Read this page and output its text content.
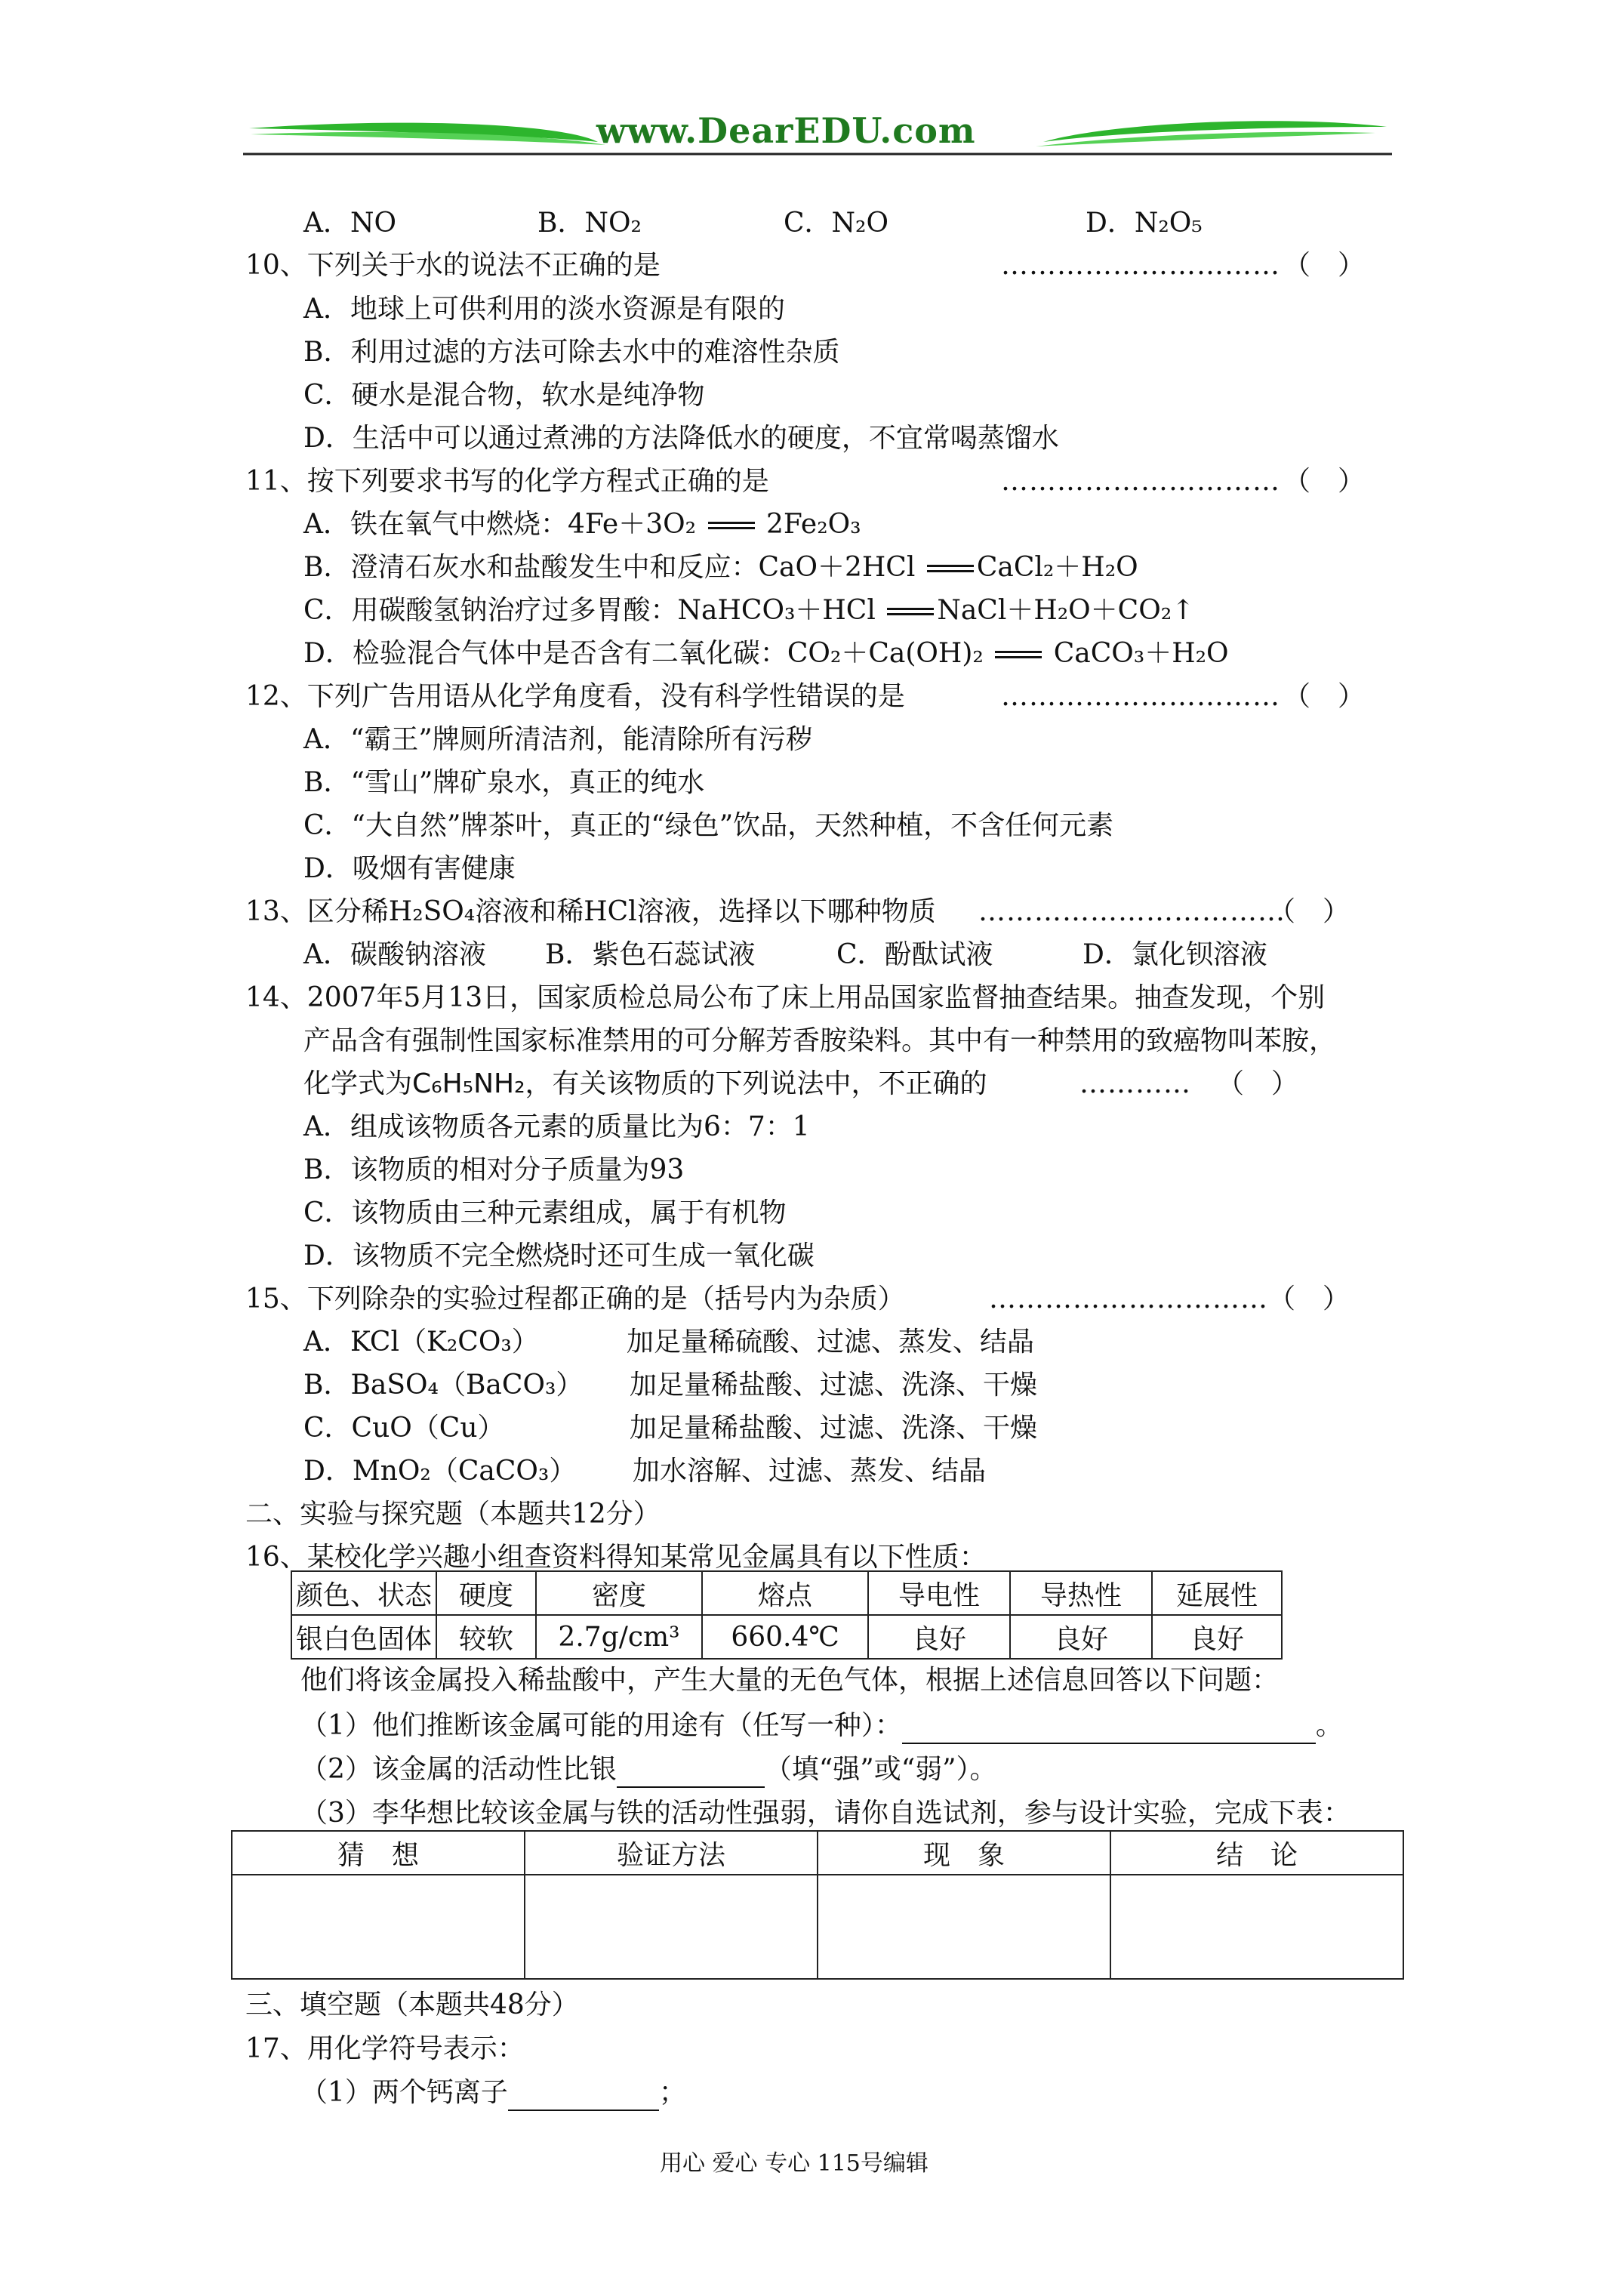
www.DearEDU.com
A．NO	B．NO₂	C．N₂O	D．N₂O₅
10、下列关于水的说法不正确的是	………………………… （　）
A．地球上可供利用的淡水资源是有限的
B．利用过滤的方法可除去水中的难溶性杂质
C．硬水是混合物，软水是纯净物
D．生活中可以通过煮沸的方法降低水的硬度，不宜常喝蒸馏水
11、按下列要求书写的化学方程式正确的是	………………………… （　）
A．铁在氧气中燃烧：4Fe＋3O₂	2Fe₂O₃
B．澄清石灰水和盐酸发生中和反应：CaO＋2HCl CaCl₂＋H₂O
C．用碳酸氢钠治疗过多胃酸：NaHCO₃＋HCl NaCl＋H₂O＋CO₂↑
D．检验混合气体中是否含有二氧化碳：CO₂＋Ca(OH)₂	CaCO₃＋H₂O
12、下列广告用语从化学角度看，没有科学性错误的是	………………………… （　）
A．“霸王”牌厕所清洁剂，能清除所有污秽
B．“雪山”牌矿泉水，真正的纯水
C．“大自然”牌茶叶，真正的“绿色”饮品，天然种植，不含任何元素
D．吸烟有害健康
13、区分稀H₂SO₄溶液和稀HCl溶液，选择以下哪种物质 ……………………………
（　）
A．碳酸钠溶液 B．紫色石蕊试液	C．酚酞试液	D．氯化钡溶液
14、2007年5月13日，国家质检总局公布了床上用品国家监督抽查结果。抽查发现，个别
产品含有强制性国家标准禁用的可分解芳香胺染料。其中有一种禁用的致癌物叫苯胺，
化学式为C₆H₅NH₂，有关该物质的下列说法中，不正确的	………… （　）
A．组成该物质各元素的质量比为6：7：1
B．该物质的相对分子质量为93
C．该物质由三种元素组成，属于有机物
D．该物质不完全燃烧时还可生成一氧化碳
15、下列除杂的实验过程都正确的是（括号内为杂质）	………………………… （　）
A．KCl（K₂CO₃）	加足量稀硫酸、过滤、蒸发、结晶
B．BaSO₄（BaCO₃） 加足量稀盐酸、过滤、洗涤、干燥
C．CuO（Cu）	加足量稀盐酸、过滤、洗涤、干燥
D．MnO₂（CaCO₃） 加水溶解、过滤、蒸发、结晶
二、实验与探究题（本题共12分）
16、某校化学兴趣小组查资料得知某常见金属具有以下性质：
颜色、状态	硬度	密度	熔点	导电性	导热性	延展性
银白色固体	较软	2.7g/cm³	660.4℃	良好	良好	良好
他们将该金属投入稀盐酸中，产生大量的无色气体，根据上述信息回答以下问题：
（1）他们推断该金属可能的用途有（任写一种）：	。
（2）该金属的活动性比银	（填“强”或“弱”）。
（3）李华想比较该金属与铁的活动性强弱，请你自选试剂，参与设计实验，完成下表：
猜　想	验证方法	现　象	结　论

三、填空题（本题共48分）
17、用化学符号表示：
（1）两个钙离子	；
用心 爱心 专心 115号编辑
